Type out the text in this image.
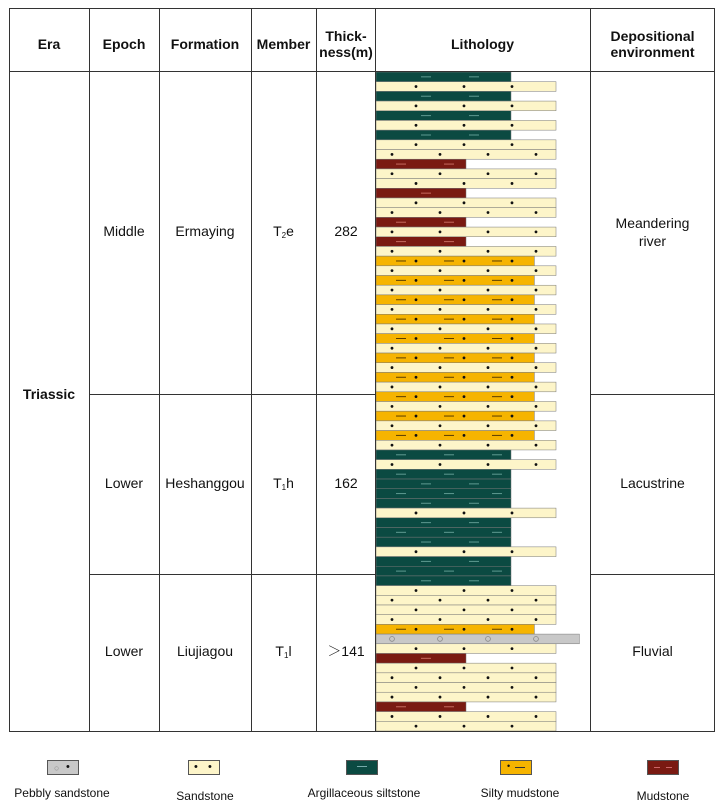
Era	Epoch	Formation	Member	Thick-
ness(m)	Lithology	Depositional
environment
Triassic
Middle	Ermaying	$T_2e$	282	Meandering
river
Lower	Heshanggou	$T_1h$	162	Lacustrine
Lower	Liujiagou	$T_1l$	＞141	Fluvial
○ •
Pebbly sandstone
• •
Sandstone	Argillaceous siltstone
•
Silty mudstone	Mudstone
